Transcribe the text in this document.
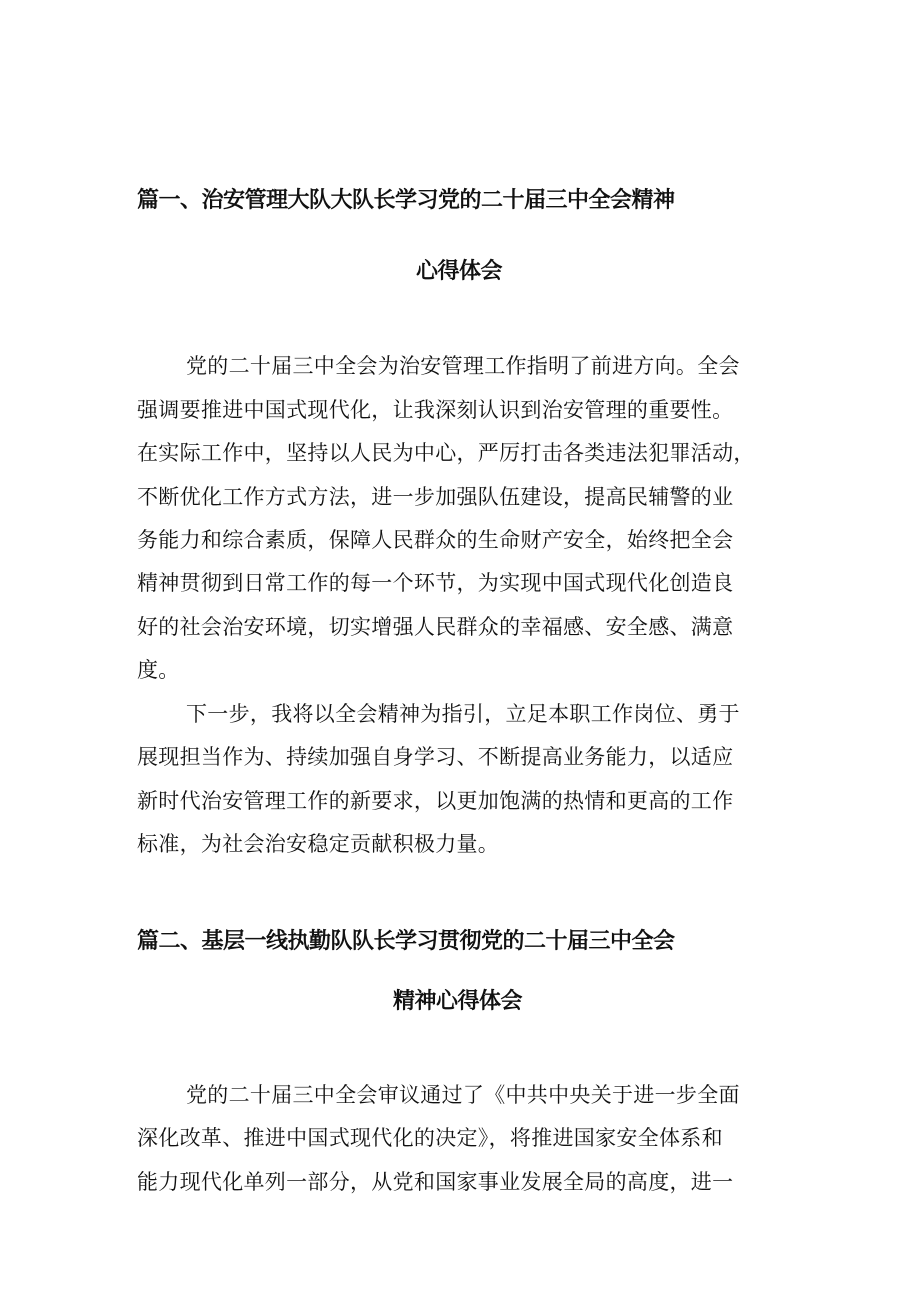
篇一、治安管理大队大队长学习党的二十届三中全会精神
心得体会
党的二十届三中全会为治安管理工作指明了前进方向。全会
强调要推进中国式现代化，让我深刻认识到治安管理的重要性。
在实际工作中，坚持以人民为中心，严厉打击各类违法犯罪活动，
不断优化工作方式方法，进一步加强队伍建设，提高民辅警的业
务能力和综合素质，保障人民群众的生命财产安全，始终把全会
精神贯彻到日常工作的每一个环节，为实现中国式现代化创造良
好的社会治安环境，切实增强人民群众的幸福感、安全感、满意
度。
下一步，我将以全会精神为指引，立足本职工作岗位、勇于
展现担当作为、持续加强自身学习、不断提高业务能力，以适应
新时代治安管理工作的新要求，以更加饱满的热情和更高的工作
标准，为社会治安稳定贡献积极力量。
篇二、基层一线执勤队队长学习贯彻党的二十届三中全会
精神心得体会
党的二十届三中全会审议通过了《中共中央关于进一步全面
深化改革、推进中国式现代化的决定》，将推进国家安全体系和
能力现代化单列一部分，从党和国家事业发展全局的高度，进一
